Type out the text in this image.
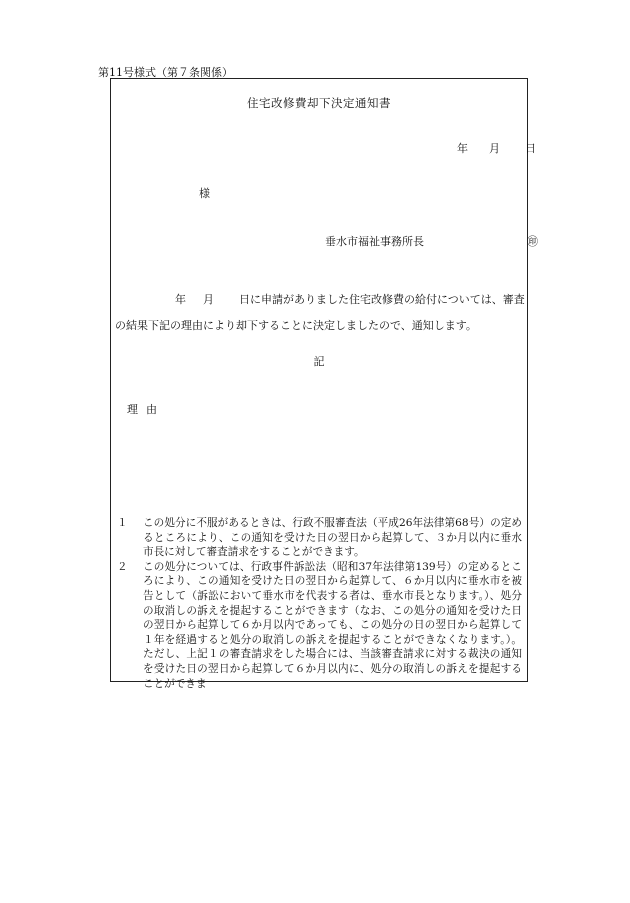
第11号様式（第７条関係）
住宅改修費却下決定通知書
年 月 日
様
垂水市福祉事務所長	㊞
年 月 日に申請がありました住宅改修費の給付については、審査
の結果下記の理由により却下することに決定しましたので、通知します。
記
理由
１	この処分に不服があるときは、行政不服審査法（平成26年法律第68号）の定めるところにより、この通知を受けた日の翌日から起算して、３か月以内に垂水市長に対して審査請求をすることができます。
２	この処分については、行政事件訴訟法（昭和37年法律第139号）の定めるところにより、この通知を受けた日の翌日から起算して、６か月以内に垂水市を被告として（訴訟において垂水市を代表する者は、垂水市長となります。）、処分の取消しの訴えを提起することができます（なお、この処分の通知を受けた日の翌日から起算して６か月以内であっても、この処分の日の翌日から起算して１年を経過すると処分の取消しの訴えを提起することができなくなります。）。ただし、上記１の審査請求をした場合には、当該審査請求に対する裁決の通知を受けた日の翌日から起算して６か月以内に、処分の取消しの訴えを提起することができま
